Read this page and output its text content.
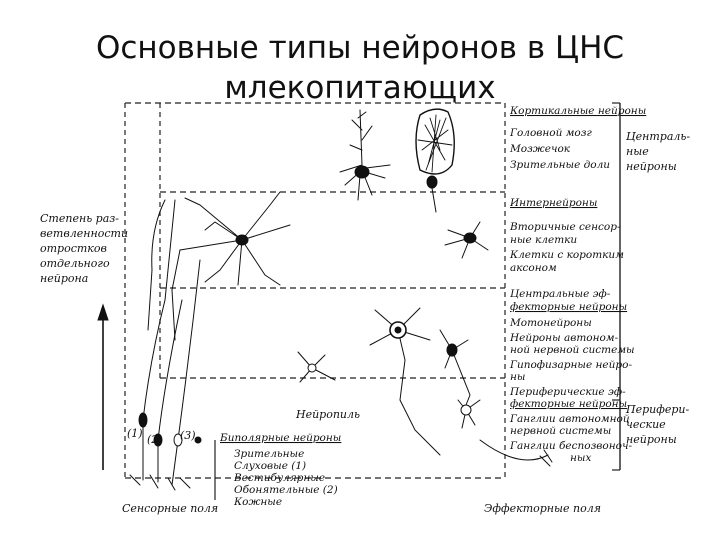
Основные типы нейронов в ЦНС
млекопитающих
Степень раз- ветвленности отростков отдельного нейрона
(1) (2) (3)
Кортикальные нейроны
Головной мозг
Мозжечок
Зрительные доли
Интернейроны
Вторичные сенсор-
ные клетки
Клетки с коротким
аксоном
Центральные эф-
фекторные нейроны
Мотонейроны
Нейроны автоном-
ной нервной системы
Гипофизарные нейро-
ны
Периферические эф-
фекторные нейроны
Ганглии автономной
нервной системы
Ганглии беспозвоноч-
ных
Централь-
ные
нейроны
Перифери-
ческие
нейроны
Нейропиль
Биполярные нейроны
Зрительные
Слуховые (1)
Вестибулярные
Обонятельные (2)
Кожные
Сенсорные поля	Эффекторные поля
